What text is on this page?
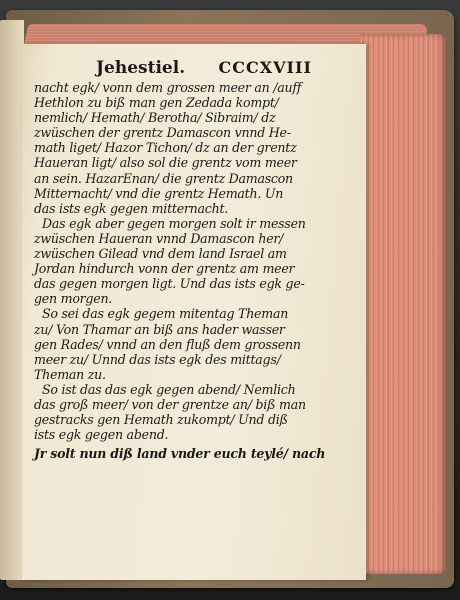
Jehestiel. CCCXVIII
nacht egk/ vonn dem grossen meer an /auff
Hethlon zu biß man gen Zedada kompt/
nemlich/ Hemath/ Berotha/ Sibraim/ dz
zwüschen der grentz Damascon vnnd He-
math liget/ Hazor Tichon/ dz an der grentz
Haueran ligt/ also sol die grentz vom meer
an sein. HazarEnan/ die grentz Damascon
Mitternacht/ vnd die grentz Hemath. Un
das ists egk gegen mitternacht.
Das egk aber gegen morgen solt ir messen
zwüschen Haueran vnnd Damascon her/
zwüschen Gilead vnd dem land Israel am
Jordan hindurch vonn der grentz am meer
das gegen morgen ligt. Und das ists egk ge-
gen morgen.
So sei das egk gegem mitentag Theman
zu/ Von Thamar an biß ans hader wasser
gen Rades/ vnnd an den fluß dem grossenn
meer zu/ Unnd das ists egk des mittags/
Theman zu.
So ist das das egk gegen abend/ Nemlich
das groß meer/ von der grentze an/ biß man
gestracks gen Hemath zukompt/ Und diß
ists egk gegen abend.
Jr solt nun diß land vnder euch teylé/ nach
